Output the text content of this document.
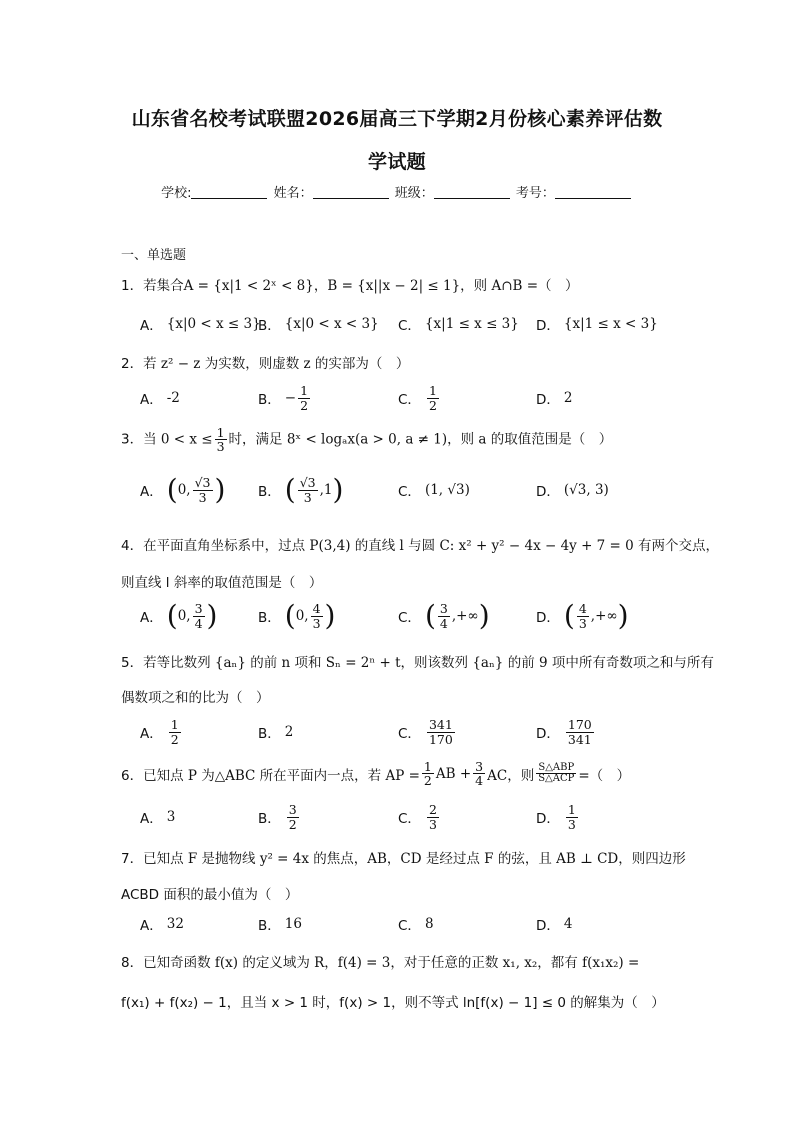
山东省名校考试联盟2026届高三下学期2月份核心素养评估数
学试题
学校:	姓名：	班级：	考号：
一、单选题
1．若集合A = {x|1 < 2ˣ < 8}，B = {x||x − 2| ≤ 1}，则 A∩B =（　）
A． {x|0 < x ≤ 3}
B． {x|0 < x < 3} C． {x|1 ≤ x ≤ 3} D． {x|1 ≤ x < 3}
2．若 z² − z 为实数，则虚数 z 的实部为（　）
A． -2	B． − $\frac{1}{2}$	C． $\frac{1}{2}$	D． 2
3．当 $0 < x \le \frac{1}{3}$ 时，满足 8ˣ < logₐx(a > 0, a ≠ 1)，则 a 的取值范围是（　）
A． ( 0, $\frac{√3}{3}$ ) B． ( $\frac{√3}{3} ,1$ )	C． (1, √3)	D． (√3, 3)
4．在平面直角坐标系中，过点 P(3,4) 的直线 l 与圆 C: x² + y² − 4x − 4y + 7 = 0 有两个交点，
则直线 l 斜率的取值范围是（　）
A． ( 0, $\frac{3}{4}$ )	B． ( 0, $\frac{4}{3}$ )	C． ( $\frac{3}{4}$ ,+∞ )	D． ( $\frac{4}{3}$ ,+∞ )
5．若等比数列 {aₙ} 的前 n 项和 Sₙ = 2ⁿ + t，则该数列 {aₙ} 的前 9 项中所有奇数项之和与所有
偶数项之和的比为（　）
A． $\frac{1}{2}$	B． 2	C． $\frac{341}{170}$	D． $\frac{170}{341}$
6． 已知点 P 为△ABC 所在平面内一点，若 AP = $\frac{1}{2}$ AB + $\frac{3}{4}$ AC，则 $\frac{\text{S△ABP}}{\text{S△ACP}}$ =（　）
A． 3	B． $\frac{3}{2}$	C． $\frac{2}{3}$	D． $\frac{1}{3}$
7．已知点 F 是抛物线 y² = 4x 的焦点，AB，CD 是经过点 F 的弦，且 AB ⊥ CD，则四边形
ACBD 面积的最小值为（　）
A． 32	B． 16	C． 8	D． 4
8．已知奇函数 f(x) 的定义域为 R，f(4) = 3，对于任意的正数 x₁, x₂，都有 f(x₁x₂) =
f(x₁) + f(x₂) − 1，且当 x > 1 时，f(x) > 1，则不等式 ln[f(x) − 1] ≤ 0 的解集为（　）
